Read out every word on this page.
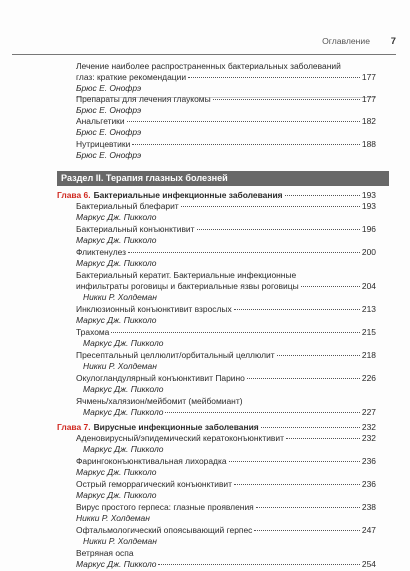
Оглавление 7
Лечение наиболее распространенных бактериальных заболеваний
глаз: краткие рекомендации	177
Брюс Е. Онофрэ
Препараты для лечения глаукомы	177
Брюс Е. Онофрэ
Анальгетики	182
Брюс Е. Онофрэ
Нутрицевтики	188
Брюс Е. Онофрэ
Раздел II. Терапия глазных болезней
Глава 6. Бактериальные инфекционные заболевания	193
Бактериальный блефарит	193
Маркус Дж. Пикколо
Бактериальный конъюнктивит	196
Маркус Дж. Пикколо
Фликтенулез	200
Маркус Дж. Пикколо
Бактериальный кератит. Бактериальные инфекционные
инфильтраты роговицы и бактериальные язвы роговицы	204
Никки Р. Холдеман
Инклюзионный конъюнктивит взрослых	213
Маркус Дж. Пикколо
Трахома	215
Маркус Дж. Пикколо
Пресептальный целлюлит/орбитальный целлюлит	218
Никки Р. Холдеман
Окулогландулярный конъюнктивит Парино	226
Маркус Дж. Пикколо
Ячмень/халязион/мейбомит (мейбомиант)
Маркус Дж. Пикколо	227
Глава 7. Вирусные инфекционные заболевания	232
Аденовирусный/эпидемический кератоконъюнктивит	232
Маркус Дж. Пикколо
Фарингоконъюнктивальная лихорадка	236
Маркус Дж. Пикколо
Острый геморрагический конъюнктивит	236
Маркус Дж. Пикколо
Вирус простого герпеса: глазные проявления	238
Никки Р. Холдеман
Офтальмологический опоясывающий герпес	247
Никки Р. Холдеман
Ветряная оспа
Маркус Дж. Пикколо	254
